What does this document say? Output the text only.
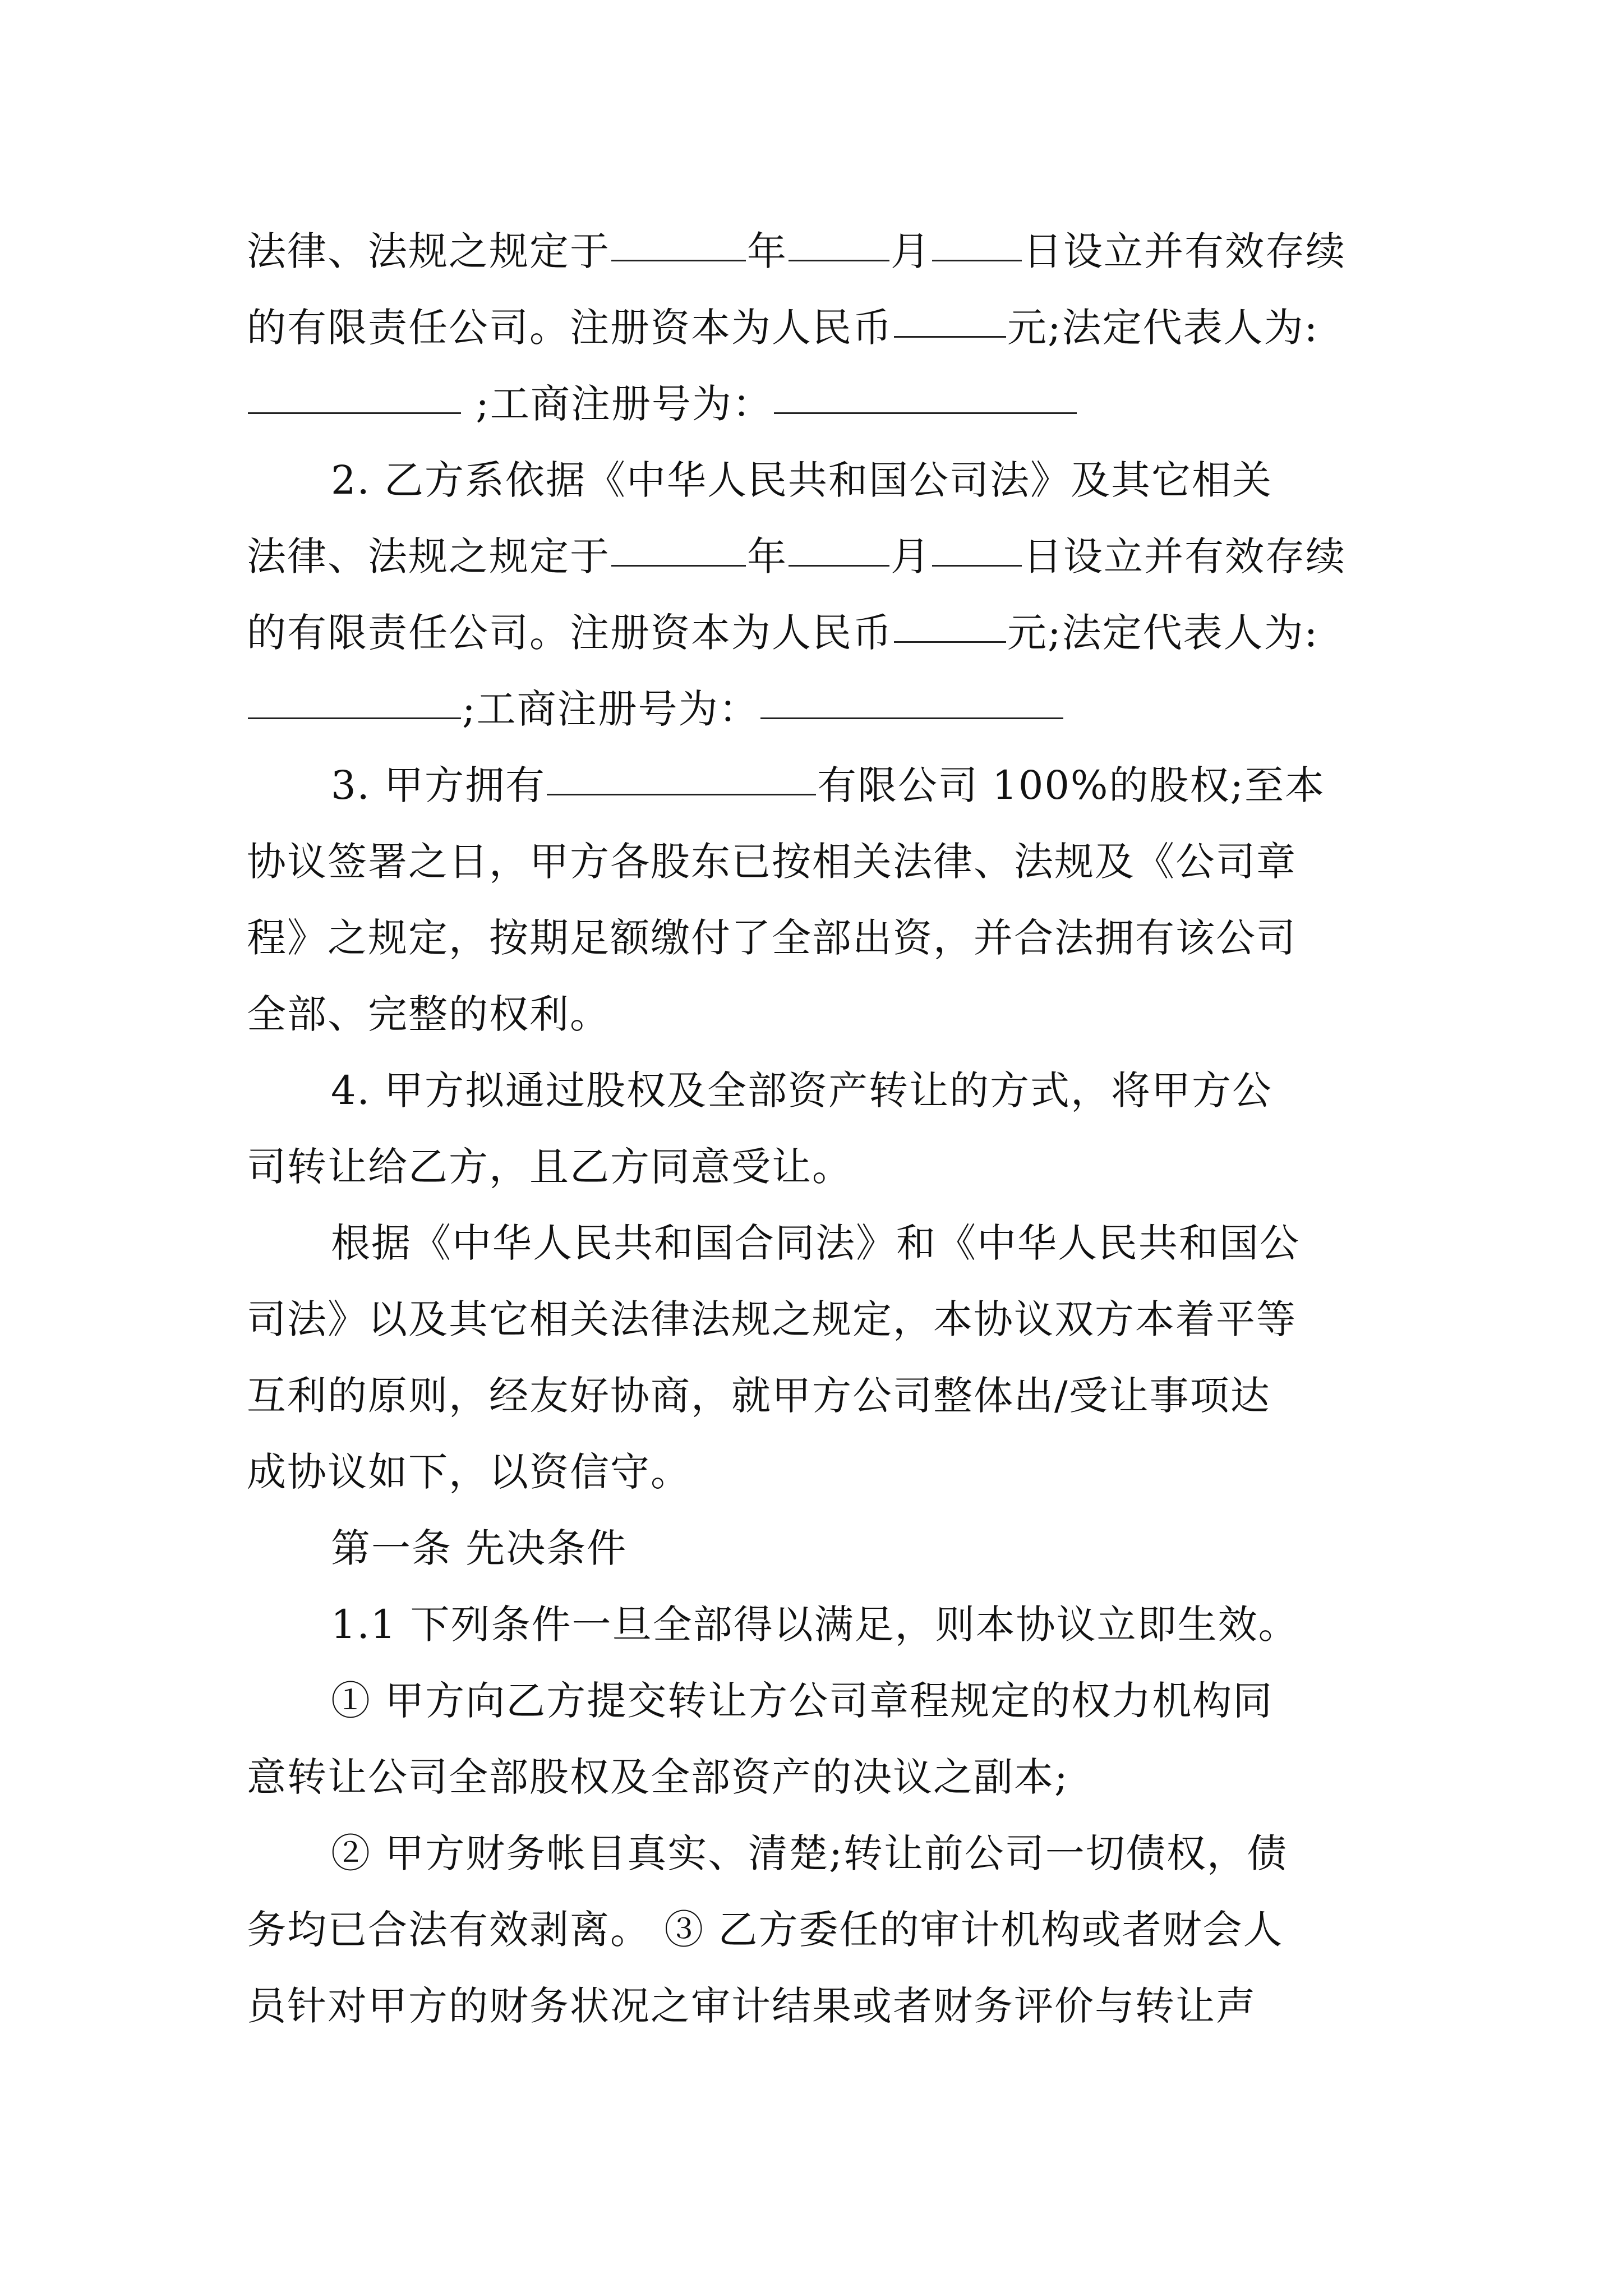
法律、法规之规定于	年	月 日设立并有效存续
的有限责任公司。注册资本为人民币	元;法定代表人为:
;工商注册号为：
2. 乙方系依据《中华人民共和国公司法》及其它相关
法律、法规之规定于	年	月 日设立并有效存续
的有限责任公司。注册资本为人民币	元;法定代表人为:
;工商注册号为：
3. 甲方拥有	有限公司 100%的股权;至本
协议签署之日，甲方各股东已按相关法律、法规及《公司章
程》之规定，按期足额缴付了全部出资，并合法拥有该公司
全部、完整的权利。
4. 甲方拟通过股权及全部资产转让的方式，将甲方公
司转让给乙方，且乙方同意受让。
根据《中华人民共和国合同法》和《中华人民共和国公
司法》以及其它相关法律法规之规定，本协议双方本着平等
互利的原则，经友好协商，就甲方公司整体出/受让事项达
成协议如下，以资信守。
第一条 先决条件
1.1 下列条件一旦全部得以满足，则本协议立即生效。
① 甲方向乙方提交转让方公司章程规定的权力机构同
意转让公司全部股权及全部资产的决议之副本;
② 甲方财务帐目真实、清楚;转让前公司一切债权，债
务均已合法有效剥离。 ③ 乙方委任的审计机构或者财会人
员针对甲方的财务状况之审计结果或者财务评价与转让声
